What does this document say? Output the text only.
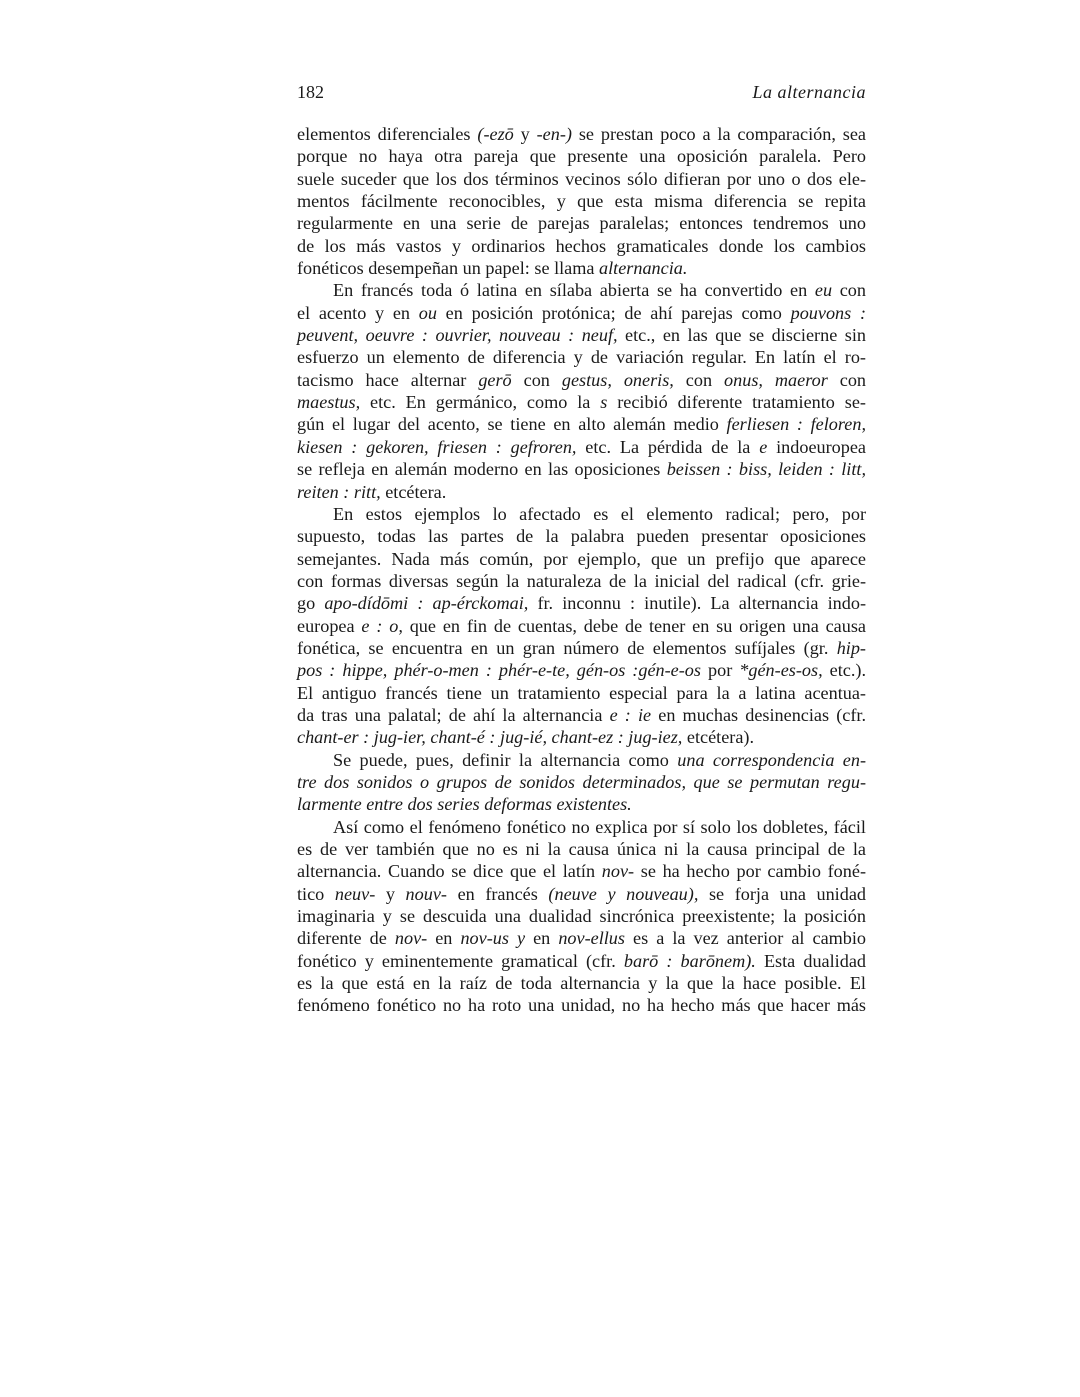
182	La alternancia
elementos diferenciales (-ezō y -en-) se prestan poco a la comparación, sea
porque no haya otra pareja que presente una oposición paralela. Pero
suele suceder que los dos términos vecinos sólo difieran por uno o dos ele-
mentos fácilmente reconocibles, y que esta misma diferencia se repita
regularmente en una serie de parejas paralelas; entonces tendremos uno
de los más vastos y ordinarios hechos gramaticales donde los cambios
fonéticos desempeñan un papel: se llama alternancia.
En francés toda ó latina en sílaba abierta se ha convertido en eu con
el acento y en ou en posición protónica; de ahí parejas como pouvons :
peuvent, oeuvre : ouvrier, nouveau : neuf, etc., en las que se discierne sin
esfuerzo un elemento de diferencia y de variación regular. En latín el ro-
tacismo hace alternar gerō con gestus, oneris, con onus, maeror con
maestus, etc. En germánico, como la s recibió diferente tratamiento se-
gún el lugar del acento, se tiene en alto alemán medio ferliesen : feloren,
kiesen : gekoren, friesen : gefroren, etc. La pérdida de la e indoeuropea
se refleja en alemán moderno en las oposiciones beissen : biss, leiden : litt,
reiten : ritt, etcétera.
En estos ejemplos lo afectado es el elemento radical; pero, por
supuesto, todas las partes de la palabra pueden presentar oposiciones
semejantes. Nada más común, por ejemplo, que un prefijo que aparece
con formas diversas según la naturaleza de la inicial del radical (cfr. grie-
go apo-dídōmi : ap-érckomai, fr. inconnu : inutile). La alternancia indo-
europea e : o, que en fin de cuentas, debe de tener en su origen una causa
fonética, se encuentra en un gran número de elementos sufíjales (gr. hip-
pos : hippe, phér-o-men : phér-e-te, gén-os :gén-e-os por *gén-es-os, etc.).
El antiguo francés tiene un tratamiento especial para la a latina acentua-
da tras una palatal; de ahí la alternancia e : ie en muchas desinencias (cfr.
chant-er : jug-ier, chant-é : jug-ié, chant-ez : jug-iez, etcétera).
Se puede, pues, definir la alternancia como una correspondencia en-
tre dos sonidos o grupos de sonidos determinados, que se permutan regu-
larmente entre dos series deformas existentes.
Así como el fenómeno fonético no explica por sí solo los dobletes, fácil
es de ver también que no es ni la causa única ni la causa principal de la
alternancia. Cuando se dice que el latín nov- se ha hecho por cambio foné-
tico neuv- y nouv- en francés (neuve y nouveau), se forja una unidad
imaginaria y se descuida una dualidad sincrónica preexistente; la posición
diferente de nov- en nov-us y en nov-ellus es a la vez anterior al cambio
fonético y eminentemente gramatical (cfr. barō : barōnem). Esta dualidad
es la que está en la raíz de toda alternancia y la que la hace posible. El
fenómeno fonético no ha roto una unidad, no ha hecho más que hacer más
